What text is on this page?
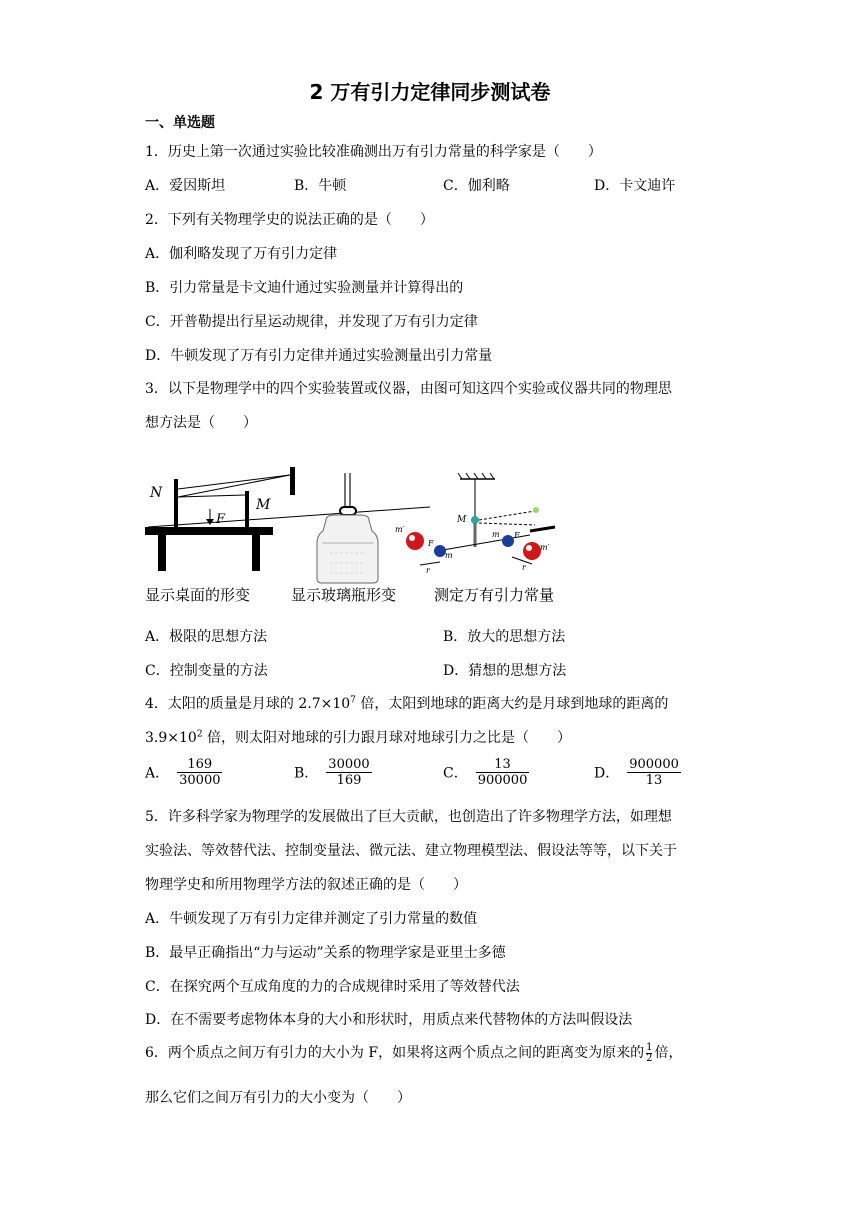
2 万有引力定律同步测试卷
一、单选题
1．历史上第一次通过实验比较准确测出万有引力常量的科学家是（　　）
A．爱因斯坦	B．牛顿	C．伽利略	D．卡文迪许
2．下列有关物理学史的说法正确的是（　　）
A．伽利略发现了万有引力定律
B．引力常量是卡文迪什通过实验测量并计算得出的
C．开普勒提出行星运动规律，并发现了万有引力定律
D．牛顿发现了万有引力定律并通过实验测量出引力常量
3．以下是物理学中的四个实验装置或仪器，由图可知这四个实验或仪器共同的物理思
想方法是（　　）
N
M
F	M
m′
m′
F
F
m
m
r	r
显示桌面的形变	显示玻璃瓶形变	测定万有引力常量
A．极限的思想方法	B．放大的思想方法
C．控制变量的方法	D．猜想的思想方法
4．太阳的质量是月球的 $2.7\times 10^7$ 倍，太阳到地球的距离大约是月球到地球的距离的
$3.9\times 10^2$ 倍，则太阳对地球的引力跟月球对地球引力之比是（　　）
A． $\frac{169}{30000}$	B． $\frac{30000}{169}$	C． $\frac{13}{900000}$	D． $\frac{900000}{13}$
5．许多科学家为物理学的发展做出了巨大贡献，也创造出了许多物理学方法，如理想
实验法、等效替代法、控制变量法、微元法、建立物理模型法、假设法等等，以下关于
物理学史和所用物理学方法的叙述正确的是（　　）
A．牛顿发现了万有引力定律并测定了引力常量的数值
B．最早正确指出“力与运动”关系的物理学家是亚里士多德
C．在探究两个互成角度的力的合成规律时采用了等效替代法
D．在不需要考虑物体本身的大小和形状时，用质点来代替物体的方法叫假设法
6．两个质点之间万有引力的大小为 F，如果将这两个质点之间的距离变为原来的 $\frac{1}{2}$ 倍，
那么它们之间万有引力的大小变为（　　）
